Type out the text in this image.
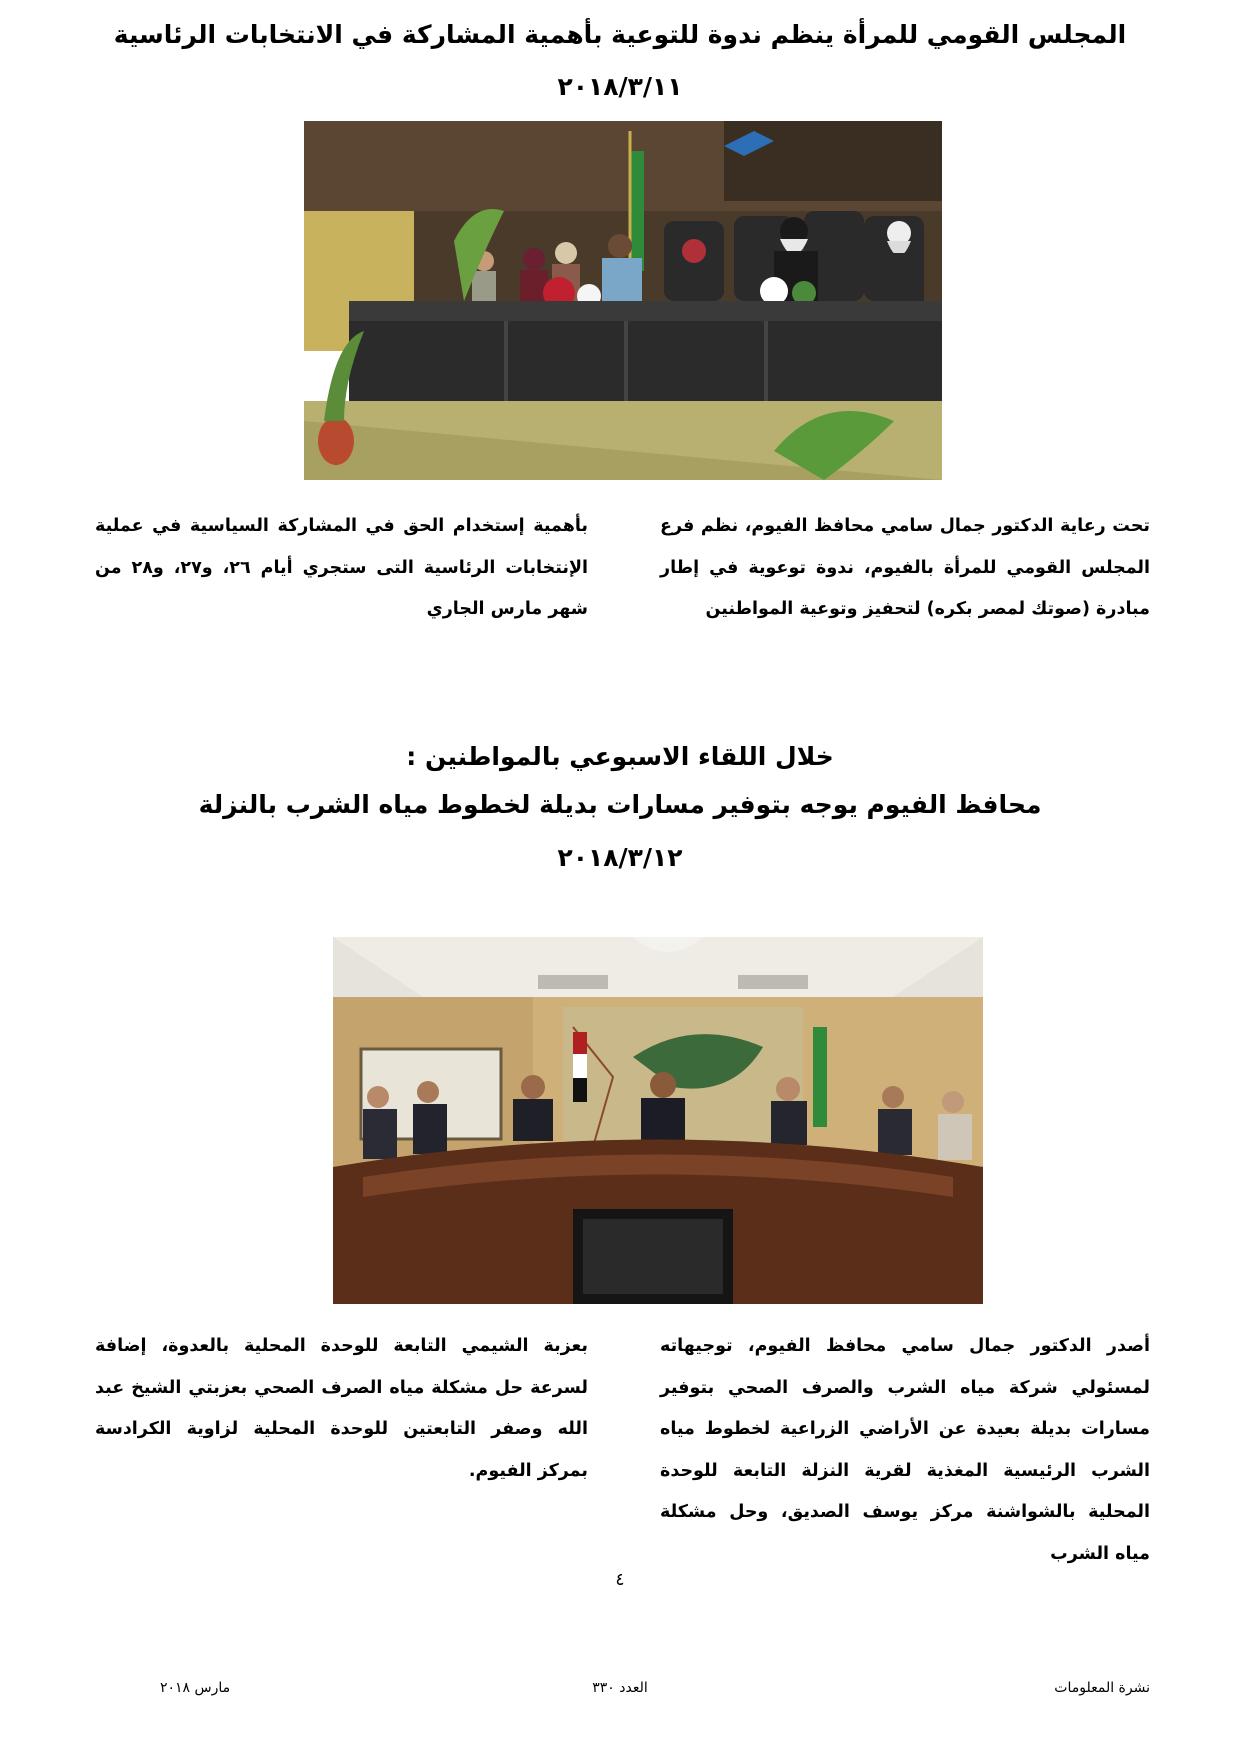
المجلس القومي للمرأة ينظم ندوة للتوعية بأهمية المشاركة في الانتخابات الرئاسية
٢٠١٨/٣/١١
تحت رعاية الدكتور جمال سامي محافظ الفيوم، نظم فرع المجلس القومي للمرأة بالفيوم، ندوة توعوية في إطار مبادرة (صوتك لمصر بكره) لتحفيز وتوعية المواطنين
بأهمية إستخدام الحق في المشاركة السياسية في عملية الإنتخابات الرئاسية التى ستجري أيام ٢٦، و٢٧، و٢٨ من شهر مارس الجاري
خلال اللقاء الاسبوعي بالمواطنين :
محافظ الفيوم يوجه بتوفير مسارات بديلة لخطوط مياه الشرب بالنزلة
٢٠١٨/٣/١٢
أصدر الدكتور جمال سامي محافظ الفيوم، توجيهاته لمسئولي شركة مياه الشرب والصرف الصحي بتوفير مسارات بديلة بعيدة عن الأراضي الزراعية لخطوط مياه الشرب الرئيسية المغذية لقرية النزلة التابعة للوحدة المحلية بالشواشنة مركز يوسف الصديق، وحل مشكلة مياه الشرب
بعزبة الشيمي التابعة للوحدة المحلية بالعدوة، إضافة لسرعة حل مشكلة مياه الصرف الصحي بعزبتي الشيخ عبد الله وصفر التابعتين للوحدة المحلية لزاوية الكرادسة بمركز الفيوم.
٤
مارس ٢٠١٨	العدد ٣٣٠	نشرة المعلومات
